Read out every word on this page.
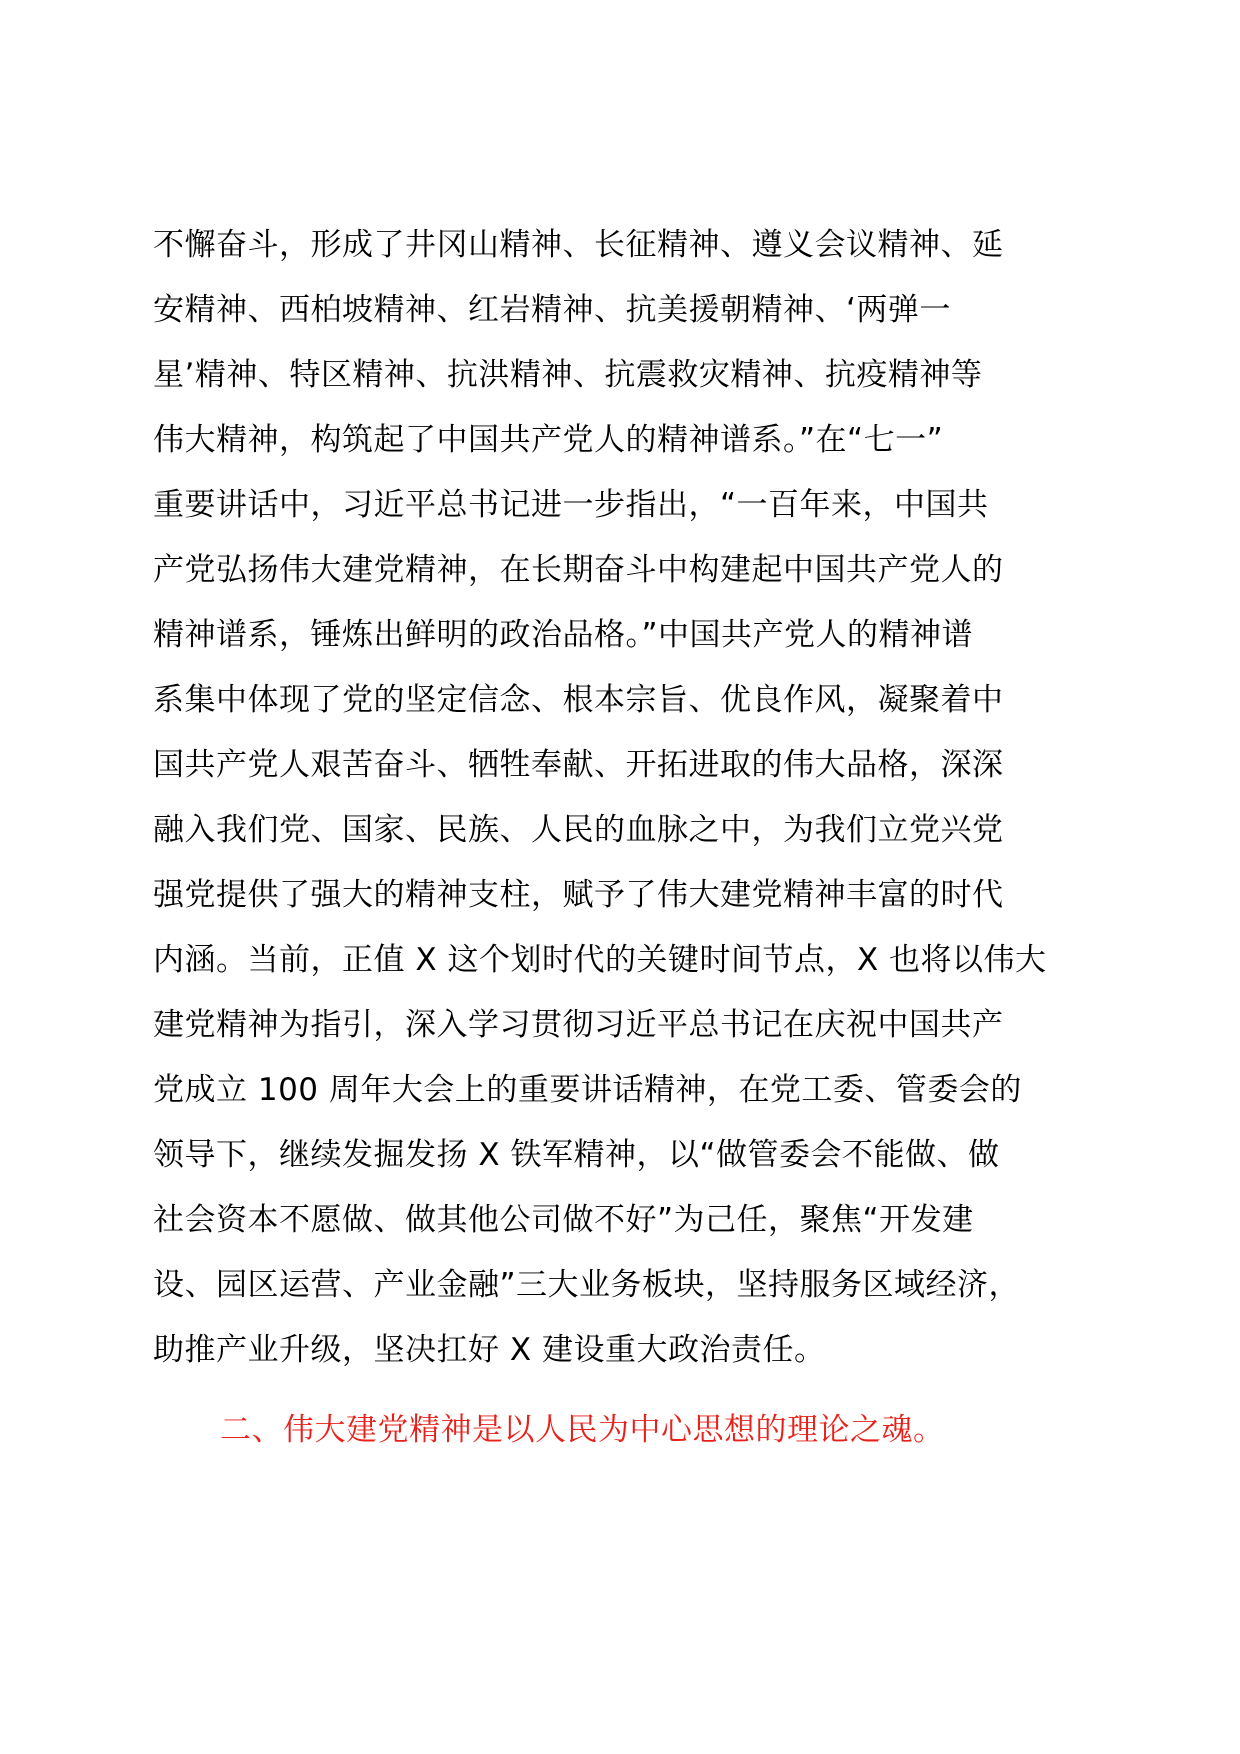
不懈奋斗，形成了井冈山精神、长征精神、遵义会议精神、延
安精神、西柏坡精神、红岩精神、抗美援朝精神、‘两弹一
星’精神、特区精神、抗洪精神、抗震救灾精神、抗疫精神等
伟大精神，构筑起了中国共产党人的精神谱系。”在“七一”
重要讲话中，习近平总书记进一步指出，“一百年来，中国共
产党弘扬伟大建党精神，在长期奋斗中构建起中国共产党人的
精神谱系，锤炼出鲜明的政治品格。”中国共产党人的精神谱
系集中体现了党的坚定信念、根本宗旨、优良作风，凝聚着中
国共产党人艰苦奋斗、牺牲奉献、开拓进取的伟大品格，深深
融入我们党、国家、民族、人民的血脉之中，为我们立党兴党
强党提供了强大的精神支柱，赋予了伟大建党精神丰富的时代
内涵。当前，正值 X 这个划时代的关键时间节点，X 也将以伟大
建党精神为指引，深入学习贯彻习近平总书记在庆祝中国共产
党成立 100 周年大会上的重要讲话精神，在党工委、管委会的
领导下，继续发掘发扬 X 铁军精神，以“做管委会不能做、做
社会资本不愿做、做其他公司做不好”为己任，聚焦“开发建
设、园区运营、产业金融”三大业务板块，坚持服务区域经济，
助推产业升级，坚决扛好 X 建设重大政治责任。
二、伟大建党精神是以人民为中心思想的理论之魂。
